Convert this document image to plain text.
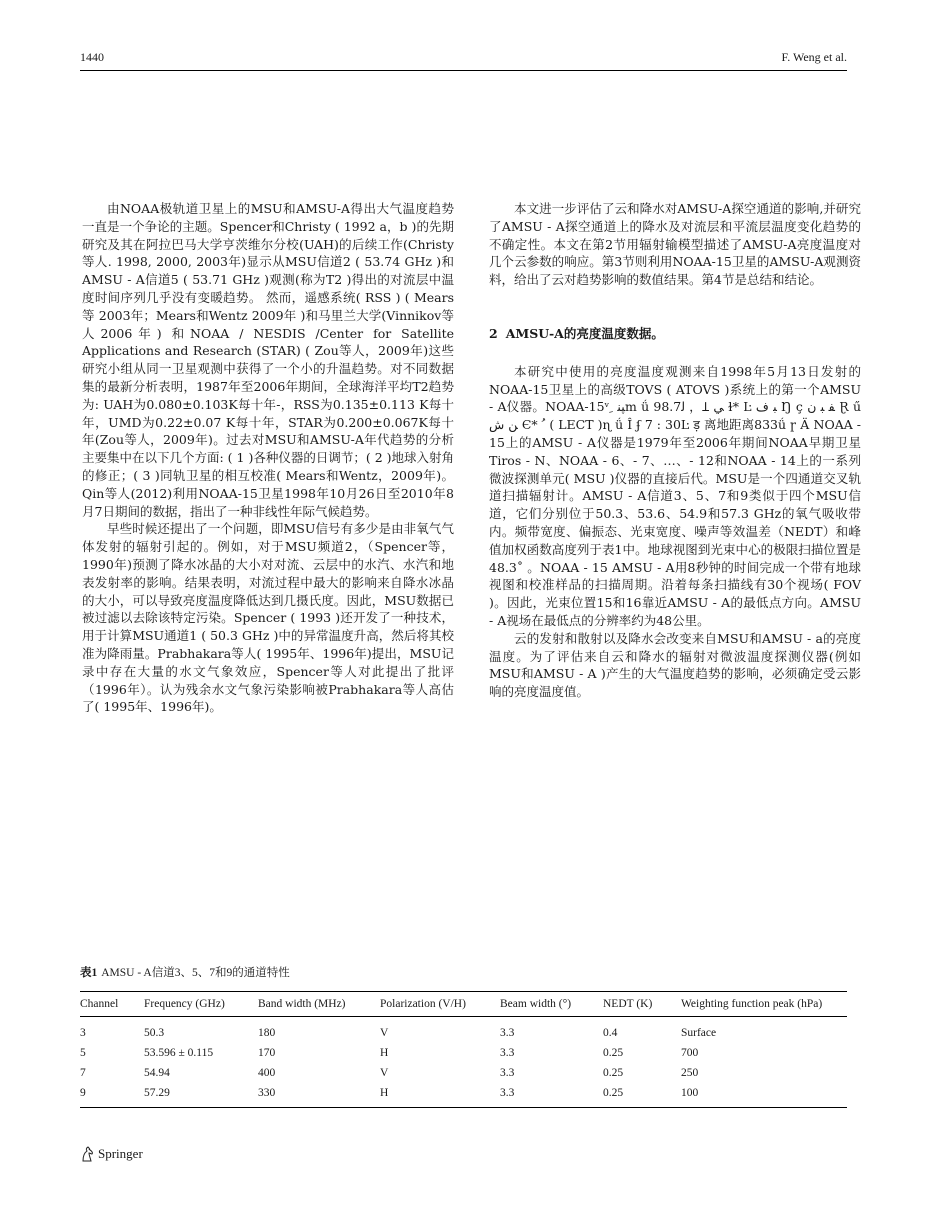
1440	F. Weng et al.

由NOAA极轨道卫星上的MSU和AMSU-A得出大气温度趋势一直是一个争论的主题。Spencer和Christy ( 1992 a，b )的先期研究及其在阿拉巴马大学亨茨维尔分校(UAH)的后续工作(Christy 等人. 1998, 2000, 2003年)显示从MSU信道2 ( 53.74 GHz )和AMSU - A信道5 ( 53.71 GHz )观测(称为T2 )得出的对流层中温度时间序列几乎没有变暖趋势。 然而，遥感系统( RSS ) ( Mears等 2003年；Mears和Wentz 2009年 )和马里兰大学(Vinnikov等人2006年) 和NOAA / NESDIS /Center for Satellite Applications and Research (STAR) ( Zou等人，2009年)这些研究小组从同一卫星观测中获得了一个小的升温趋势。对不同数据集的最新分析表明，1987年至2006年期间，全球海洋平均T2趋势为: UAH为0.080±0.103K每十年-，RSS为0.135±0.113 K每十年，UMD为0.22±0.07 K每十年，STAR为0.200±0.067K每十年(Zou等人，2009年)。过去对MSU和AMSU-A年代趋势的分析主要集中在以下几个方面: ( 1 )各种仪器的日调节；( 2 )地球入射角的修正；( 3 )同轨卫星的相互校准( Mears和Wentz，2009年)。Qin等人(2012)利用NOAA-15卫星1998年10月26日至2010年8月7日期间的数据，指出了一种非线性年际气候趋势。

早些时候还提出了一个问题，即MSU信号有多少是由非氧气气体发射的辐射引起的。例如，对于MSU频道2，（Spencer等，1990年)预测了降水冰晶的大小对对流、云层中的水汽、水汽和地表发射率的影响。结果表明，对流过程中最大的影响来自降水冰晶的大小，可以导致亮度温度降低达到几摄氏度。因此，MSU数据已被过滤以去除该特定污染。Spencer ( 1993 )还开发了一种技术，用于计算MSU通道1 ( 50.3 GHz )中的异常温度升高，然后将其校准为降雨量。Prabhakara等人( 1995年、1996年)提出，MSU记录中存在大量的水文气象效应，Spencer等人对此提出了批评（1996年）。认为残余水文气象污染影响被Prabhakara等人高估了( 1995年、1996年)。

本文进一步评估了云和降水对AMSU-A探空通道的影响,并研究了AMSU - A探空通道上的降水及对流层和平流层温度变化趋势的不确定性。本文在第2节用辐射输模型描述了AMSU-A亮度温度对几个云参数的响应。第3节则利用NOAA-15卫星的AMSU-A观测资料，给出了云对趋势影响的数值结果。第4节是总结和结论。

2 AMSU-A的亮度温度数据。

本研究中使用的亮度温度观测来自1998年5月13日发射的NOAA-15卫星上的高级TOVS ( ATOVS )系统上的第一个AMSU - A仪器。NOAA-15ᵛ ِ ﭙﻨm ǘ 98.7ﻟ ，Ʇ ﻲ ɫ* Ŀ ﺒ ﻑ Ŋ ç ﻔ ﺒ ﻥ Ɽ ű ﻦ ﺵ Є* ﹸ ( LECT )ɳ ǘ Î ʄ 7 : 30Ŀ ड़ 离地距离833ǘ ɼ Ӓ NOAA - 15上的AMSU - A仪器是1979年至2006年期间NOAA早期卫星Tiros - N、NOAA - 6、- 7、…、- 12和NOAA - 14上的一系列微波探测单元( MSU )仪器的直接后代。MSU是一个四通道交叉轨道扫描辐射计。AMSU - A信道3、5、7和9类似于四个MSU信道，它们分别位于50.3、53.6、54.9和57.3 GHz的氧气吸收带内。频带宽度、偏振态、光束宽度、噪声等效温差（NEDT）和峰值加权函数高度列于表1中。地球视图到光束中心的极限扫描位置是48.3˚ 。NOAA - 15 AMSU - A用8秒钟的时间完成一个带有地球视图和校准样品的扫描周期。沿着每条扫描线有30个视场( FOV )。因此，光束位置15和16靠近AMSU - A的最低点方向。AMSU - A视场在最低点的分辨率约为48公里。

云的发射和散射以及降水会改变来自MSU和AMSU - a的亮度温度。为了评估来自云和降水的辐射对微波温度探测仪器(例如MSU和AMSU - A )产生的大气温度趋势的影响，必须确定受云影响的亮度温度值。

表1 AMSU - A信道3、5、7和9的通道特性
Channel	Frequency (GHz)	Band width (MHz)	Polarization (V/H)	Beam width (°)	NEDT (K)	Weighting function peak (hPa)
3	50.3	180	V	3.3	0.4	Surface
5	53.596 ± 0.115	170	H	3.3	0.25	700
7	54.94	400	V	3.3	0.25	250
9	57.29	330	H	3.3	0.25	100
Springer
